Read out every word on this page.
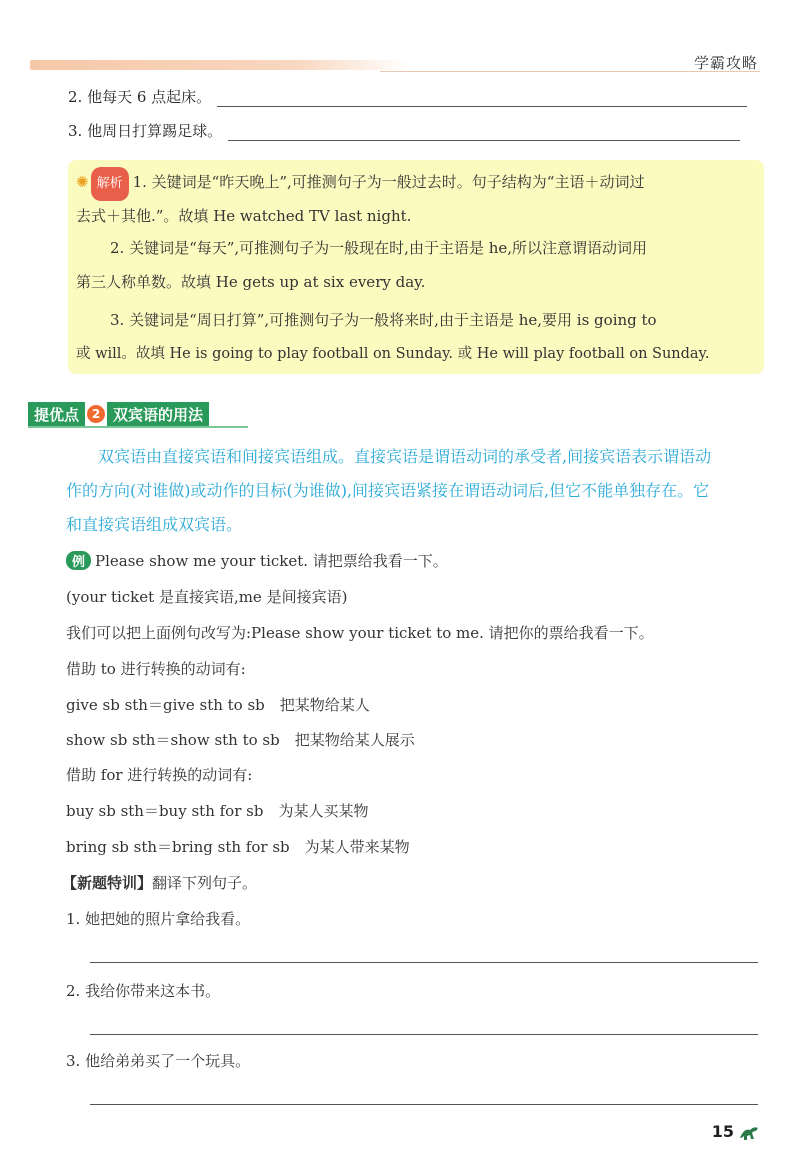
学霸攻略
2. 他每天 6 点起床。
3. 他周日打算踢足球。

✺ 解析 1. 关键词是“昨天晚上”,可推测句子为一般过去时。句子结构为“主语＋动词过

去式＋其他.”。故填 He watched TV last night.

2. 关键词是“每天”,可推测句子为一般现在时,由于主语是 he,所以注意谓语动词用

第三人称单数。故填 He gets up at six every day.

3. 关键词是“周日打算”,可推测句子为一般将来时,由于主语是 he,要用 is going to

或 will。故填 He is going to play football on Sunday. 或 He will play football on Sunday.

提优点	2 双宾语的用法
双宾语由直接宾语和间接宾语组成。直接宾语是谓语动词的承受者,间接宾语表示谓语动
作的方向(对谁做)或动作的目标(为谁做),间接宾语紧接在谓语动词后,但它不能单独存在。它
和直接宾语组成双宾语。
例 Please show me your ticket. 请把票给我看一下。
(your ticket 是直接宾语,me 是间接宾语)
我们可以把上面例句改写为:Please show your ticket to me. 请把你的票给我看一下。
借助 to 进行转换的动词有:
give sb sth＝give sth to sb　把某物给某人
show sb sth＝show sth to sb　把某物给某人展示
借助 for 进行转换的动词有:
buy sb sth＝buy sth for sb　为某人买某物
bring sb sth＝bring sth for sb　为某人带来某物
【新题特训】翻译下列句子。
1. 她把她的照片拿给我看。
2. 我给你带来这本书。
3. 他给弟弟买了一个玩具。
15
